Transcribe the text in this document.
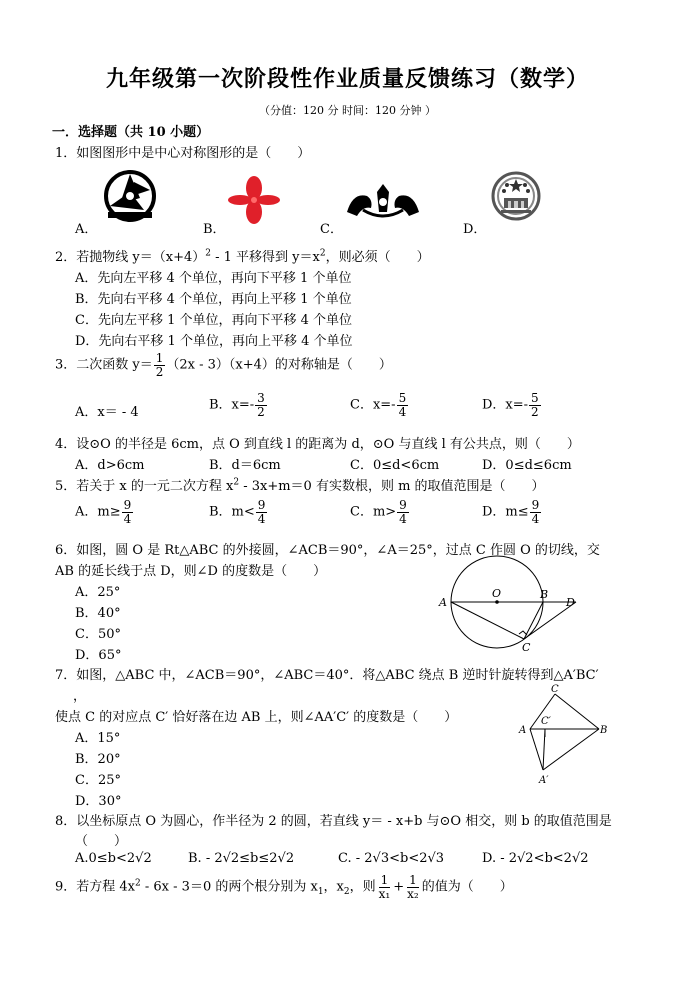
九年级第一次阶段性作业质量反馈练习（数学）
（分值：120 分 时间：120 分钟 ）
一．选择题（共 10 小题）
1．如图图形中是中心对称图形的是（　　）
A．	B．	C．	D．
2．若抛物线 $y=(x+4)^2 - 1$ 平移得到 $y=x^2$，则必须（　　）
A．先向左平移 4 个单位，再向下平移 1 个单位
B．先向右平移 4 个单位，再向上平移 1 个单位
C．先向左平移 1 个单位，再向下平移 4 个单位
D．先向右平移 1 个单位，再向上平移 4 个单位
3．二次函数 $y= \frac{1}{2} (2x - 3)(x+4)$的对称轴是（　　）
A．x＝ - 4	B．$x=- \frac{3}{2}$	C．$x=- \frac{5}{4}$	D．$x=- \frac{5}{2}$
4．设⊙O 的半径是 6cm，点 O 到直线 l 的距离为 d，⊙O 与直线 l 有公共点，则（　　）
A．d>6cm	B．d＝6cm	C．0≤d<6cm	D．0≤d≤6cm
5．若关于 x 的一元二次方程 $x^2 - 3x+m=0$ 有实数根，则 m 的取值范围是（　　）
A．$m\ge \frac{9}{4}$	B．$m< \frac{9}{4}$	C．$m> \frac{9}{4}$	D．$m\le \frac{9}{4}$
6．如图，圆 O 是 Rt△ABC 的外接圆，∠ACB＝90°，∠A＝25°，过点 C 作圆 O 的切线，交
AB 的延长线于点 D，则∠D 的度数是（　　）
A．25°
B．40°
C．50°
D．65°
A
O	B
D
C
7．如图，△ABC 中，∠ACB＝90°，∠ABC＝40°．将△ABC 绕点 B 逆时针旋转得到△A′BC′
，
使点 C 的对应点 C′ 恰好落在边 AB 上，则∠AA′C′ 的度数是（　　）
A．15°
B．20°
C．25°
D．30°
C
C′
A	B
A′
8．以坐标原点 O 为圆心，作半径为 2 的圆，若直线 y＝ - x+b 与⊙O 相交，则 b 的取值范围是
（　　）
A.0≤b<2√2	B. - 2√2≤b≤2√2	C. - 2√3<b<2√3	D. - 2√2<b<2√2
9．若方程 $4x^2 - 6x - 3=0$ 的两个根分别为 $x_1$，$x_2$，则 $\frac{1}{\text{x₁}} + \frac{1}{\text{x₂}}$ 的值为（　　）
